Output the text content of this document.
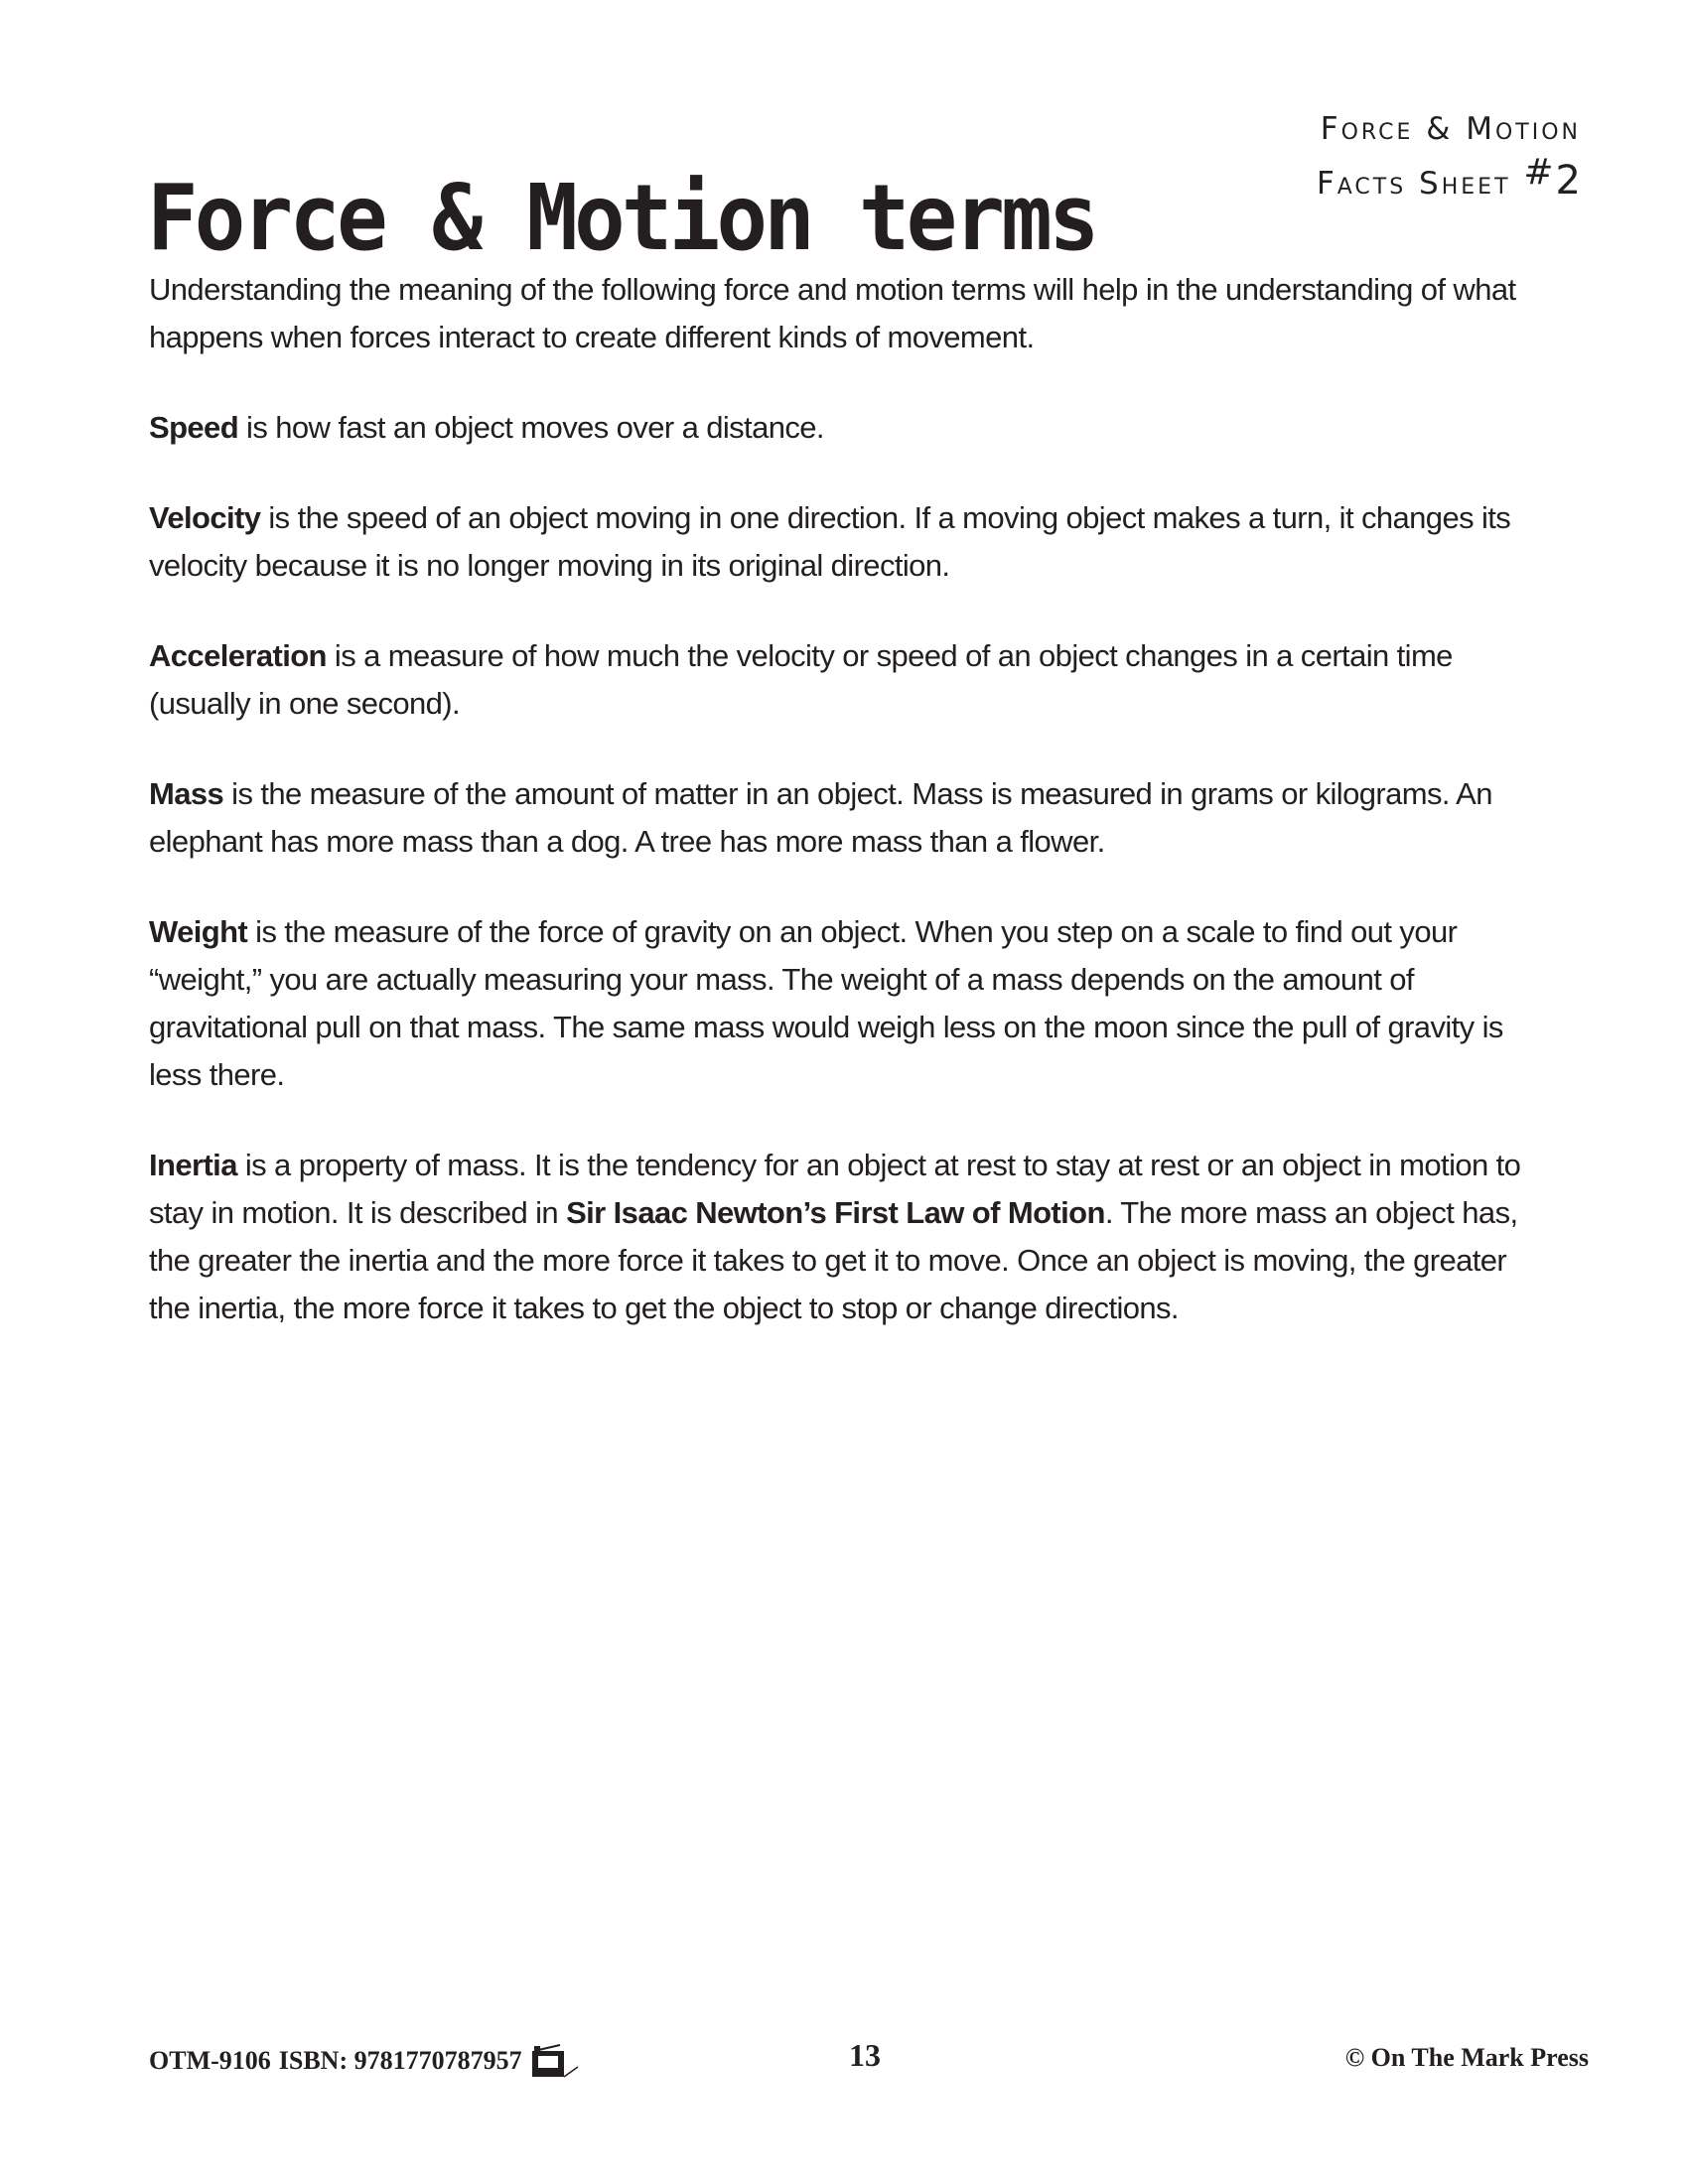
Force & Motion terms
Force & Motion
Facts Sheet #2

Understanding the meaning of the following force and motion terms will help in the understanding of what happens when forces interact to create different kinds of movement.

Speed is how fast an object moves over a distance.

Velocity is the speed of an object moving in one direction. If a moving object makes a turn, it changes its velocity because it is no longer moving in its original direction.

Acceleration is a measure of how much the velocity or speed of an object changes in a certain time (usually in one second).

Mass is the measure of the amount of matter in an object. Mass is measured in grams or kilograms. An elephant has more mass than a dog. A tree has more mass than a flower.

Weight is the measure of the force of gravity on an object. When you step on a scale to find out your “weight,” you are actually measuring your mass. The weight of a mass depends on the amount of gravitational pull on that mass. The same mass would weigh less on the moon since the pull of gravity is less there.

Inertia is a property of mass. It is the tendency for an object at rest to stay at rest or an object in motion to stay in motion. It is described in Sir Isaac Newton’s First Law of Motion. The more mass an object has, the greater the inertia and the more force it takes to get it to move. Once an object is moving, the greater the inertia, the more force it takes to get the object to stop or change directions.

OTM-9106 ISBN: 9781770787957	13	© On The Mark Press
